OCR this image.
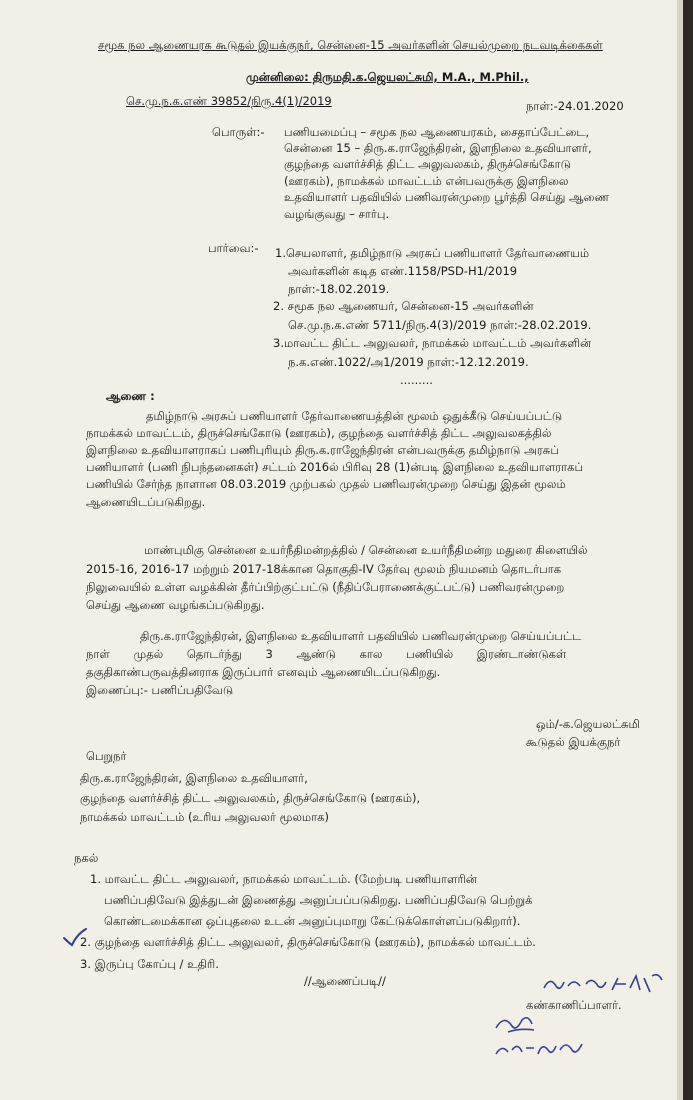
சமூக நல ஆணையரக கூடுதல் இயக்குநர், சென்னை-15 அவர்களின் செயல்முறை நடவடிக்கைகள்
முன்னிலை: திருமதி.க.ஜெயலட்சுமி, M.A., M.Phil.,
செ.மு.ந.க.எண் 39852/நிரு.4(1)/2019	நாள்:-24.01.2020
பொருள்:- பணியமைப்பு – சமூக நல ஆணையரகம், சைதாப்பேட்டை,
சென்னை 15 – திரு.க.ராஜேந்திரன், இளநிலை உதவியாளர்,
குழந்தை வளர்ச்சித் திட்ட அலுவலகம், திருச்செங்கோடு
(ஊரகம்), நாமக்கல் மாவட்டம் என்பவருக்கு இளநிலை
உதவியாளர் பதவியில் பணிவரன்முறை பூர்த்தி செய்து ஆணை
வழங்குவது – சார்பு.
பார்வை:- 1.செயலாளர், தமிழ்நாடு அரசுப் பணியாளர் தேர்வாணையம்
அவர்களின் கடித எண்.1158/PSD-H1/2019
நாள்:-18.02.2019.
2. சமூக நல ஆணையர், சென்னை-15 அவர்களின்
செ.மு.ந.க.எண் 5711/நிரு.4(3)/2019 நாள்:-28.02.2019.
3.மாவட்ட திட்ட அலுவலர், நாமக்கல் மாவட்டம் அவர்களின்
ந.க.எண்.1022/அ1/2019 நாள்:-12.12.2019.
.........
ஆணை :
தமிழ்நாடு அரசுப் பணியாளர் தேர்வாணையத்தின் மூலம் ஒதுக்கீடு செய்யப்பட்டு
நாமக்கல் மாவட்டம், திருச்செங்கோடு (ஊரகம்), குழந்தை வளர்ச்சித் திட்ட அலுவலகத்தில்
இளநிலை உதவியாளராகப் பணிபுரியும் திரு.க.ராஜேந்திரன் என்பவருக்கு தமிழ்நாடு அரசுப்
பணியாளர் (பணி நிபந்தனைகள்) சட்டம் 2016ல் பிரிவு 28 (1)ன்படி இளநிலை உதவியாளராகப்
பணியில் சேர்ந்த நாளான 08.03.2019 முற்பகல் முதல் பணிவரன்முறை செய்து இதன் மூலம்
ஆணையிடப்படுகிறது.
மாண்புமிகு சென்னை உயர்நீதிமன்றத்தில் / சென்னை உயர்நீதிமன்ற மதுரை கிளையில்
2015-16, 2016-17 மற்றும் 2017-18க்கான தொகுதி-IV தேர்வு மூலம் நியமனம் தொடர்பாக
நிலுவையில் உள்ள வழக்கின் தீர்ப்பிற்குட்பட்டு (நீதிப்பேராணைக்குட்பட்டு) பணிவரன்முறை
செய்து ஆணை வழங்கப்படுகிறது.
திரு.க.ராஜேந்திரன், இளநிலை உதவியாளர் பதவியில் பணிவரன்முறை செய்யப்பட்ட
நாள் முதல் தொடர்ந்து 3 ஆண்டு கால பணியில் இரண்டாண்டுகள்
தகுதிகாண்பருவத்தினராக இருப்பார் எனவும் ஆணையிடப்படுகிறது.
இணைப்பு:- பணிப்பதிவேடு
ஒம்/-க.ஜெயலட்சுமி
கூடுதல் இயக்குநர்
பெறுநர்
திரு.க.ராஜேந்திரன், இளநிலை உதவியாளர்,
குழந்தை வளர்ச்சித் திட்ட அலுவலகம், திருச்செங்கோடு (ஊரகம்),
நாமக்கல் மாவட்டம் (உரிய அலுவலர் மூலமாக)
நகல்
1. மாவட்ட திட்ட அலுவலர், நாமக்கல் மாவட்டம். (மேற்படி பணியாளரின்
பணிப்பதிவேடு இத்துடன் இணைத்து அனுப்பப்படுகிறது. பணிப்பதிவேடு பெற்றுக்
கொண்டமைக்கான ஒப்புதலை உடன் அனுப்புமாறு கேட்டுக்கொள்ளப்படுகிறார்).
2. குழந்தை வளர்ச்சித் திட்ட அலுவலர், திருச்செங்கோடு (ஊரகம்), நாமக்கல் மாவட்டம்.
3. இருப்பு கோப்பு / உதிரி.
//ஆணைப்படி//
கண்காணிப்பாளர்.
